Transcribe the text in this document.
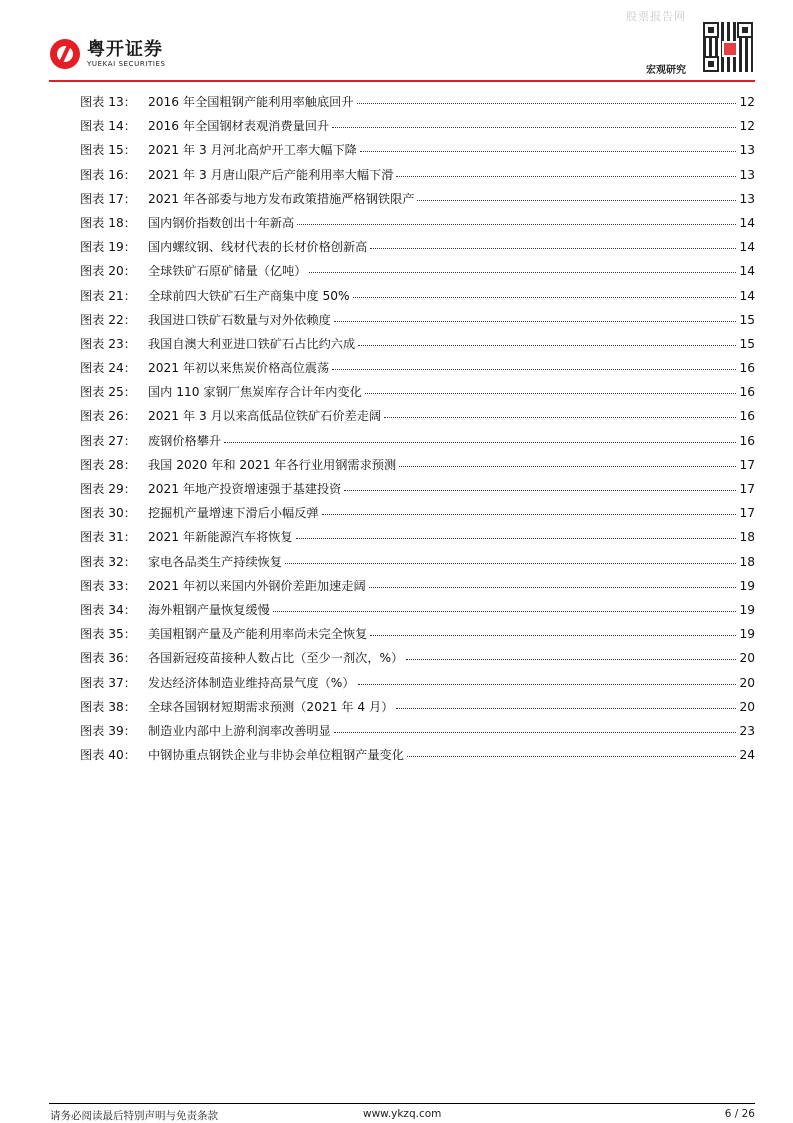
股票报告网
粤开证券
YUEKAI SECURITIES
宏观研究
图表 13： 2016 年全国粗钢产能利用率触底回升	12
图表 14： 2016 年全国钢材表观消费量回升	12
图表 15： 2021 年 3 月河北高炉开工率大幅下降	13
图表 16： 2021 年 3 月唐山限产后产能利用率大幅下滑	13
图表 17： 2021 年各部委与地方发布政策措施严格钢铁限产	13
图表 18： 国内钢价指数创出十年新高	14
图表 19： 国内螺纹钢、线材代表的长材价格创新高	14
图表 20： 全球铁矿石原矿储量（亿吨）	14
图表 21： 全球前四大铁矿石生产商集中度 50%	14
图表 22： 我国进口铁矿石数量与对外依赖度	15
图表 23： 我国自澳大利亚进口铁矿石占比约六成	15
图表 24： 2021 年初以来焦炭价格高位震荡	16
图表 25： 国内 110 家钢厂焦炭库存合计年内变化	16
图表 26： 2021 年 3 月以来高低品位铁矿石价差走阔	16
图表 27： 废钢价格攀升	16
图表 28： 我国 2020 年和 2021 年各行业用钢需求预测	17
图表 29： 2021 年地产投资增速强于基建投资	17
图表 30： 挖掘机产量增速下滑后小幅反弹	17
图表 31： 2021 年新能源汽车将恢复	18
图表 32： 家电各品类生产持续恢复	18
图表 33： 2021 年初以来国内外钢价差距加速走阔	19
图表 34： 海外粗钢产量恢复缓慢	19
图表 35： 美国粗钢产量及产能利用率尚未完全恢复	19
图表 36： 各国新冠疫苗接种人数占比（至少一剂次，%）	20
图表 37： 发达经济体制造业维持高景气度（%）	20
图表 38： 全球各国钢材短期需求预测（2021 年 4 月）	20
图表 39： 制造业内部中上游利润率改善明显	23
图表 40： 中钢协重点钢铁企业与非协会单位粗钢产量变化	24
请务必阅读最后特别声明与免责条款	www.ykzq.com	6 / 26
